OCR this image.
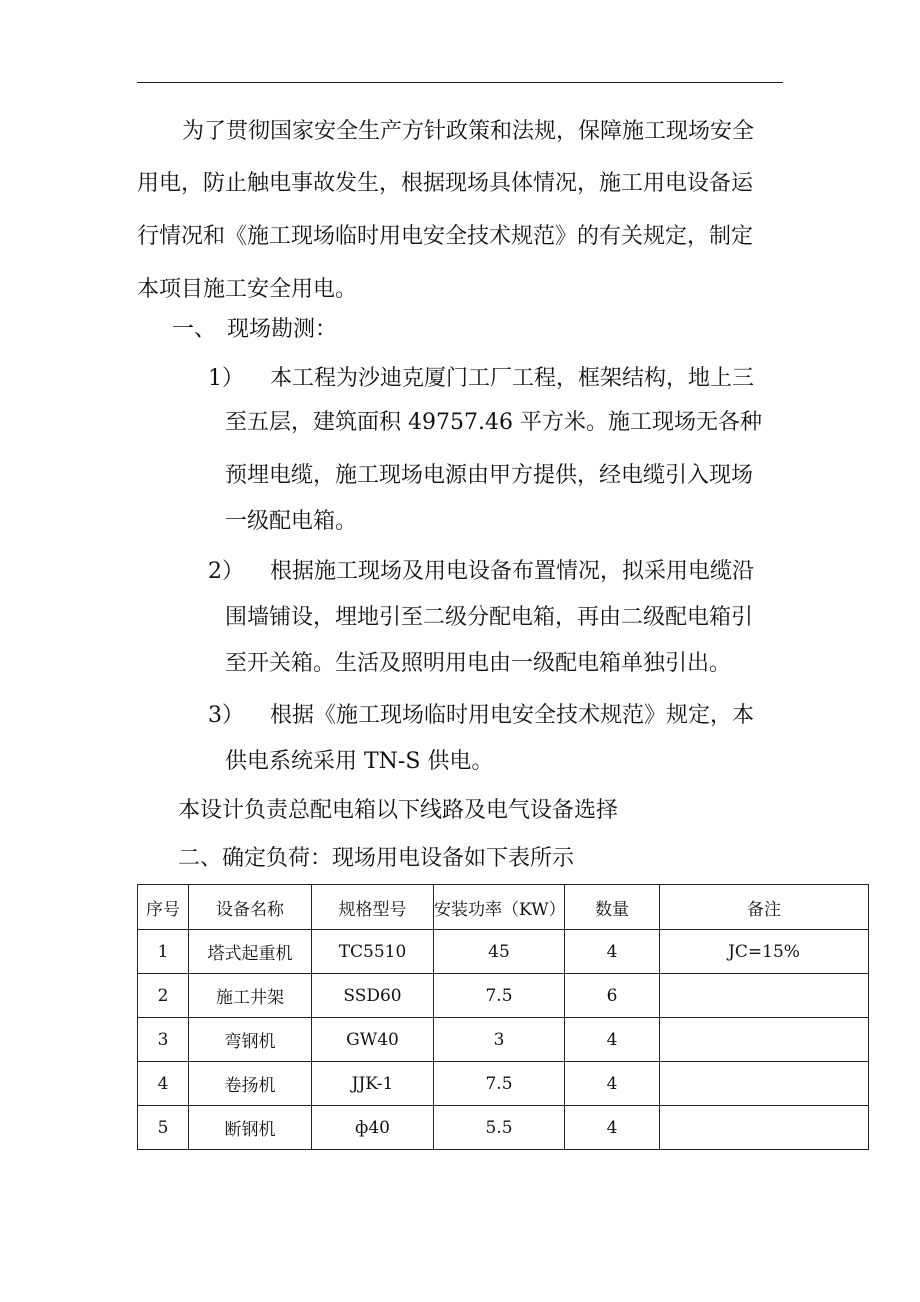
为了贯彻国家安全生产方针政策和法规，保障施工现场安全
用电，防止触电事故发生，根据现场具体情况，施工用电设备运
行情况和《施工现场临时用电安全技术规范》的有关规定，制定
本项目施工安全用电。
一、　现场勘测：
1） 本工程为沙迪克厦门工厂工程，框架结构，地上三
至五层，建筑面积 49757.46 平方米。施工现场无各种
预埋电缆，施工现场电源由甲方提供，经电缆引入现场
一级配电箱。
2） 根据施工现场及用电设备布置情况，拟采用电缆沿
围墙铺设，埋地引至二级分配电箱，再由二级配电箱引
至开关箱。生活及照明用电由一级配电箱单独引出。
3） 根据《施工现场临时用电安全技术规范》规定，本
供电系统采用 TN-S 供电。
本设计负责总配电箱以下线路及电气设备选择
二、确定负荷：现场用电设备如下表所示
序号	设备名称	规格型号	安装功率（KW）	数量	备注
1	塔式起重机	TC5510	45	4	JC=15%
2	施工井架	SSD60	7.5	6	
3	弯钢机	GW40	3	4	
4	卷扬机	JJK-1	7.5	4	
5	断钢机	ф40	5.5	4	
